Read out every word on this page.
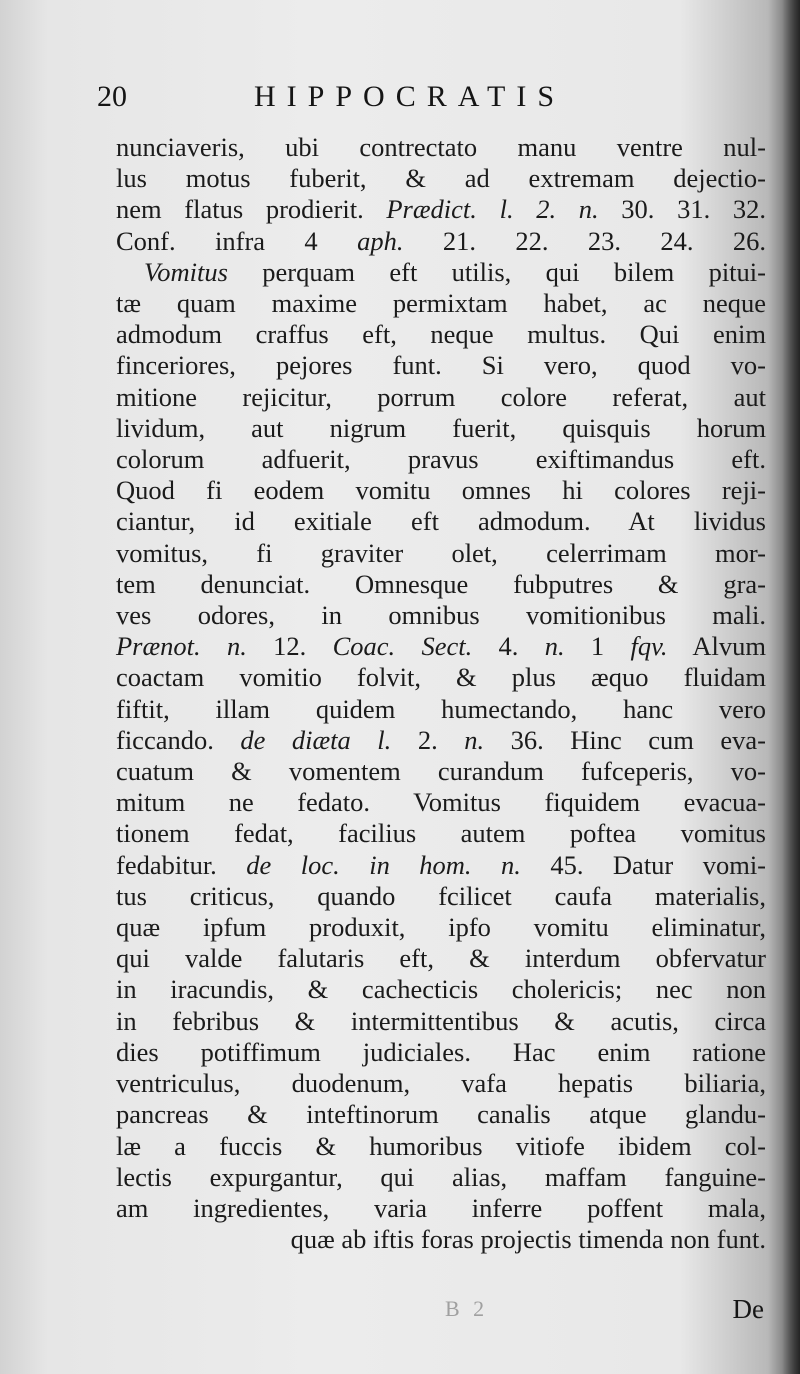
20	HIPPOCRATIS
nunciaveris, ubi contrectato manu ventre nul-
lus motus fuberit, & ad extremam dejectio-
nem flatus prodierit. Prædict. l. 2. n. 30. 31. 32.
Conf. infra 4 aph. 21. 22. 23. 24. 26.
Vomitus perquam eft utilis, qui bilem pitui-
tæ quam maxime permixtam habet, ac neque
admodum craffus eft, neque multus. Qui enim
finceriores, pejores funt. Si vero, quod vo-
mitione rejicitur, porrum colore referat, aut
lividum, aut nigrum fuerit, quisquis horum
colorum adfuerit, pravus exiftimandus eft.
Quod fi eodem vomitu omnes hi colores reji-
ciantur, id exitiale eft admodum. At lividus
vomitus, fi graviter olet, celerrimam mor-
tem denunciat. Omnesque fubputres & gra-
ves odores, in omnibus vomitionibus mali.
Prænot. n. 12. Coac. Sect. 4. n. 1 fqv. Alvum
coactam vomitio folvit, & plus æquo fluidam
fiftit, illam quidem humectando, hanc vero
ficcando. de diæta l. 2. n. 36. Hinc cum eva-
cuatum & vomentem curandum fufceperis, vo-
mitum ne fedato. Vomitus fiquidem evacua-
tionem fedat, facilius autem poftea vomitus
fedabitur. de loc. in hom. n. 45. Datur vomi-
tus criticus, quando fcilicet caufa materialis,
quæ ipfum produxit, ipfo vomitu eliminatur,
qui valde falutaris eft, & interdum obfervatur
in iracundis, & cachecticis cholericis; nec non
in febribus & intermittentibus & acutis, circa
dies potiffimum judiciales. Hac enim ratione
ventriculus, duodenum, vafa hepatis biliaria,
pancreas & inteftinorum canalis atque glandu-
læ a fuccis & humoribus vitiofe ibidem col-
lectis expurgantur, qui alias, maffam fanguine-
am ingredientes, varia inferre poffent mala,
quæ ab iftis foras projectis timenda non funt.
B 2	De
